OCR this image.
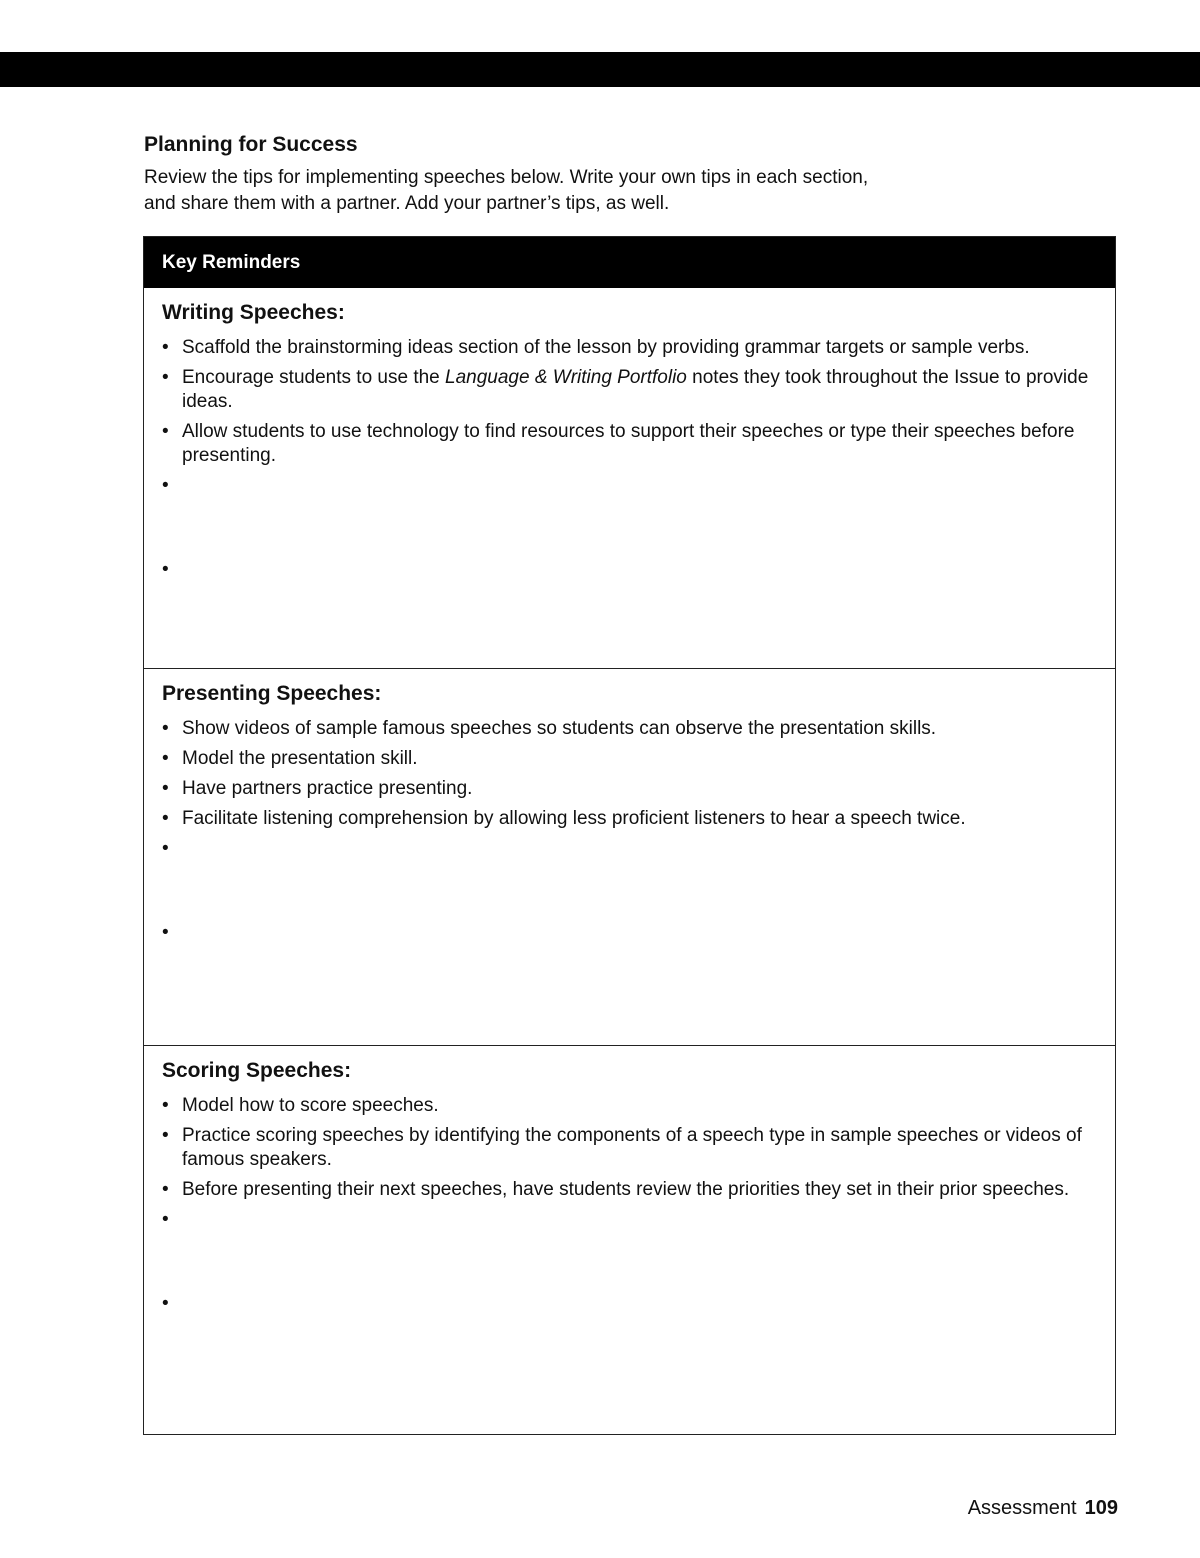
Planning for Success

Review the tips for implementing speeches below. Write your own tips in each section,
and share them with a partner. Add your partner’s tips, as well.

Key Reminders
Writing Speeches:
• Scaffold the brainstorming ideas section of the lesson by providing grammar targets or sample verbs.
• Encourage students to use the Language & Writing Portfolio notes they took throughout the Issue to provide ideas.
• Allow students to use technology to find resources to support their speeches or type their speeches before presenting.
•
•
Presenting Speeches:
• Show videos of sample famous speeches so students can observe the presentation skills.
• Model the presentation skill.
• Have partners practice presenting.
• Facilitate listening comprehension by allowing less proficient listeners to hear a speech twice.
•
•
Scoring Speeches:
• Model how to score speeches.
• Practice scoring speeches by identifying the components of a speech type in sample speeches or videos of famous speakers.
• Before presenting their next speeches, have students review the priorities they set in their prior speeches.
•
•
Assessment 109
